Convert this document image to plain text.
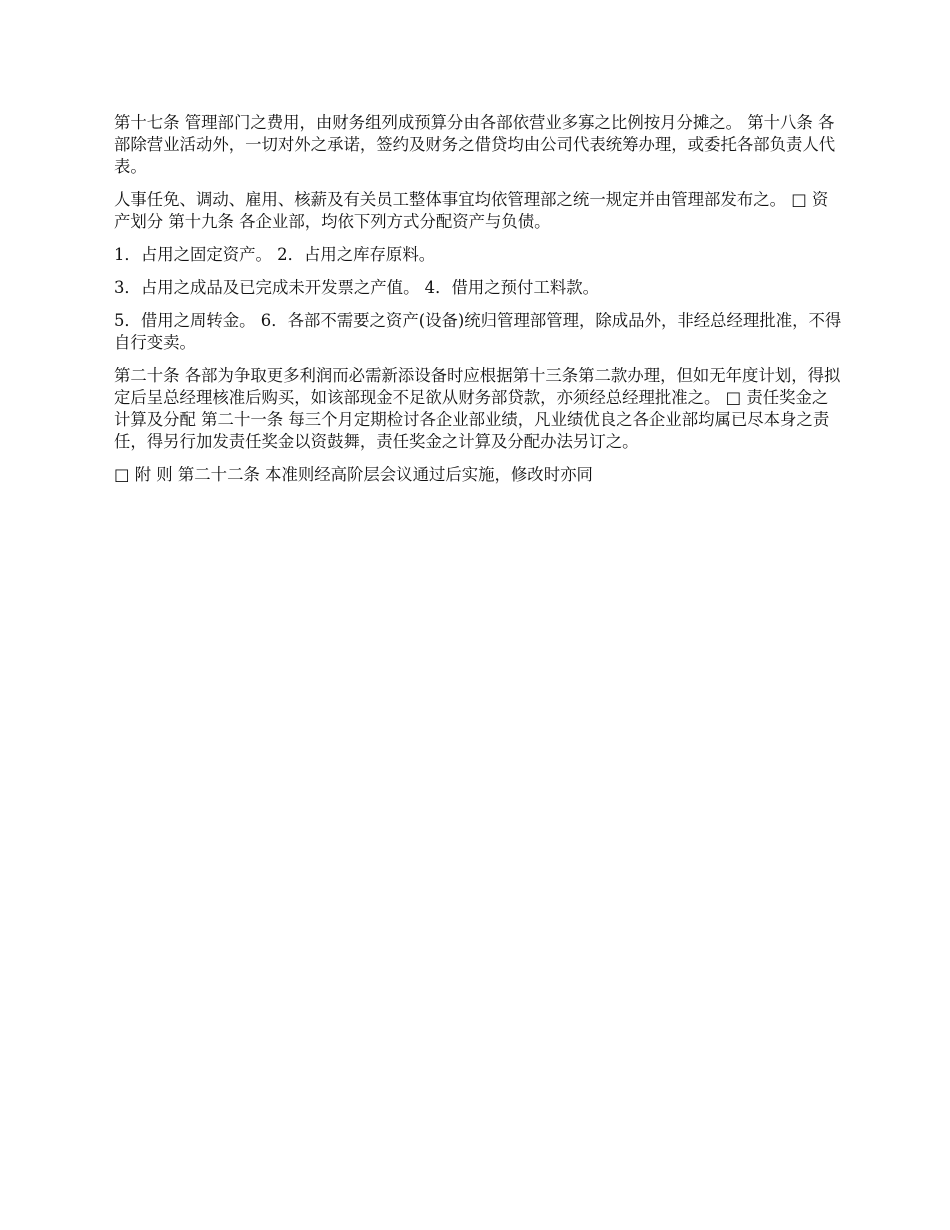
第十七条 管理部门之费用，由财务组列成预算分由各部依营业多寡之比例按月分摊之。 第十八条 各部除营业活动外，一切对外之承诺，签约及财务之借贷均由公司代表统筹办理，或委托各部负责人代表。

人事任免、调动、雇用、核薪及有关员工整体事宜均依管理部之统一规定并由管理部发布之。 □ 资产划分 第十九条 各企业部，均依下列方式分配资产与负债。

1．占用之固定资产。 2．占用之库存原料。

3．占用之成品及已完成未开发票之产值。 4．借用之预付工料款。

5．借用之周转金。 6．各部不需要之资产(设备)统归管理部管理，除成品外，非经总经理批准，不得自行变卖。

第二十条 各部为争取更多利润而必需新添设备时应根据第十三条第二款办理，但如无年度计划，得拟定后呈总经理核准后购买，如该部现金不足欲从财务部贷款，亦须经总经理批准之。 □ 责任奖金之计算及分配 第二十一条 每三个月定期检讨各企业部业绩，凡业绩优良之各企业部均属已尽本身之责任，得另行加发责任奖金以资鼓舞，责任奖金之计算及分配办法另订之。

□ 附 则 第二十二条 本准则经高阶层会议通过后实施，修改时亦同
